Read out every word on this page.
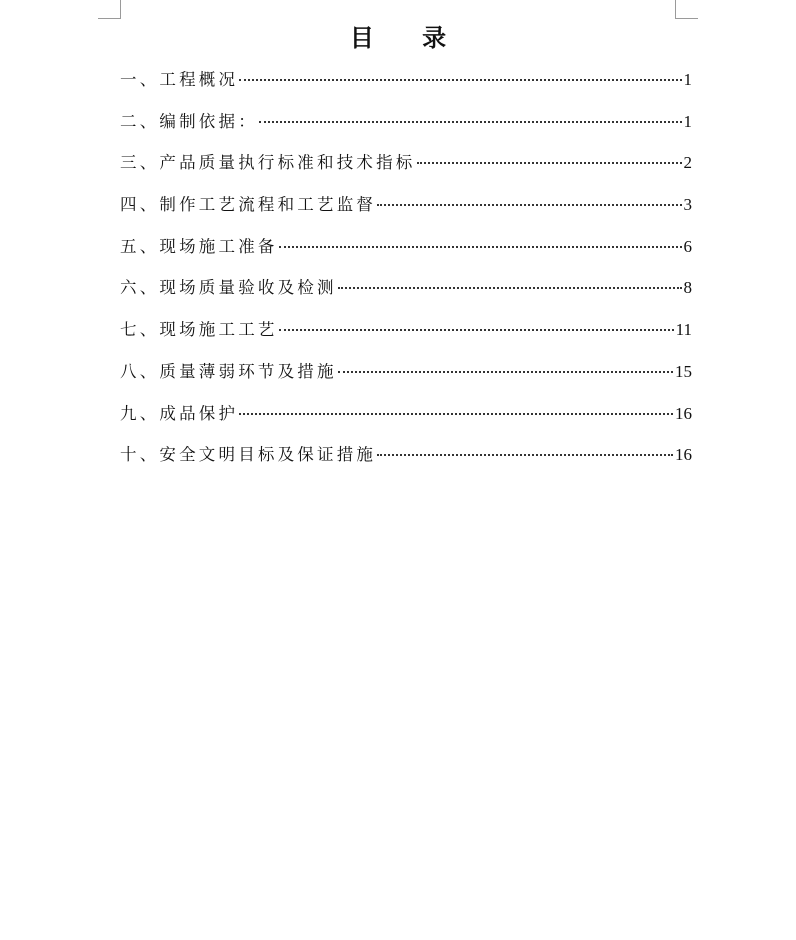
目 录
一、工程概况	1
二、编制依据：	1
三、产品质量执行标准和技术指标	2
四、制作工艺流程和工艺监督	3
五、现场施工准备	6
六、现场质量验收及检测	8
七、现场施工工艺	11
八、质量薄弱环节及措施	15
九、成品保护	16
十、安全文明目标及保证措施	16
